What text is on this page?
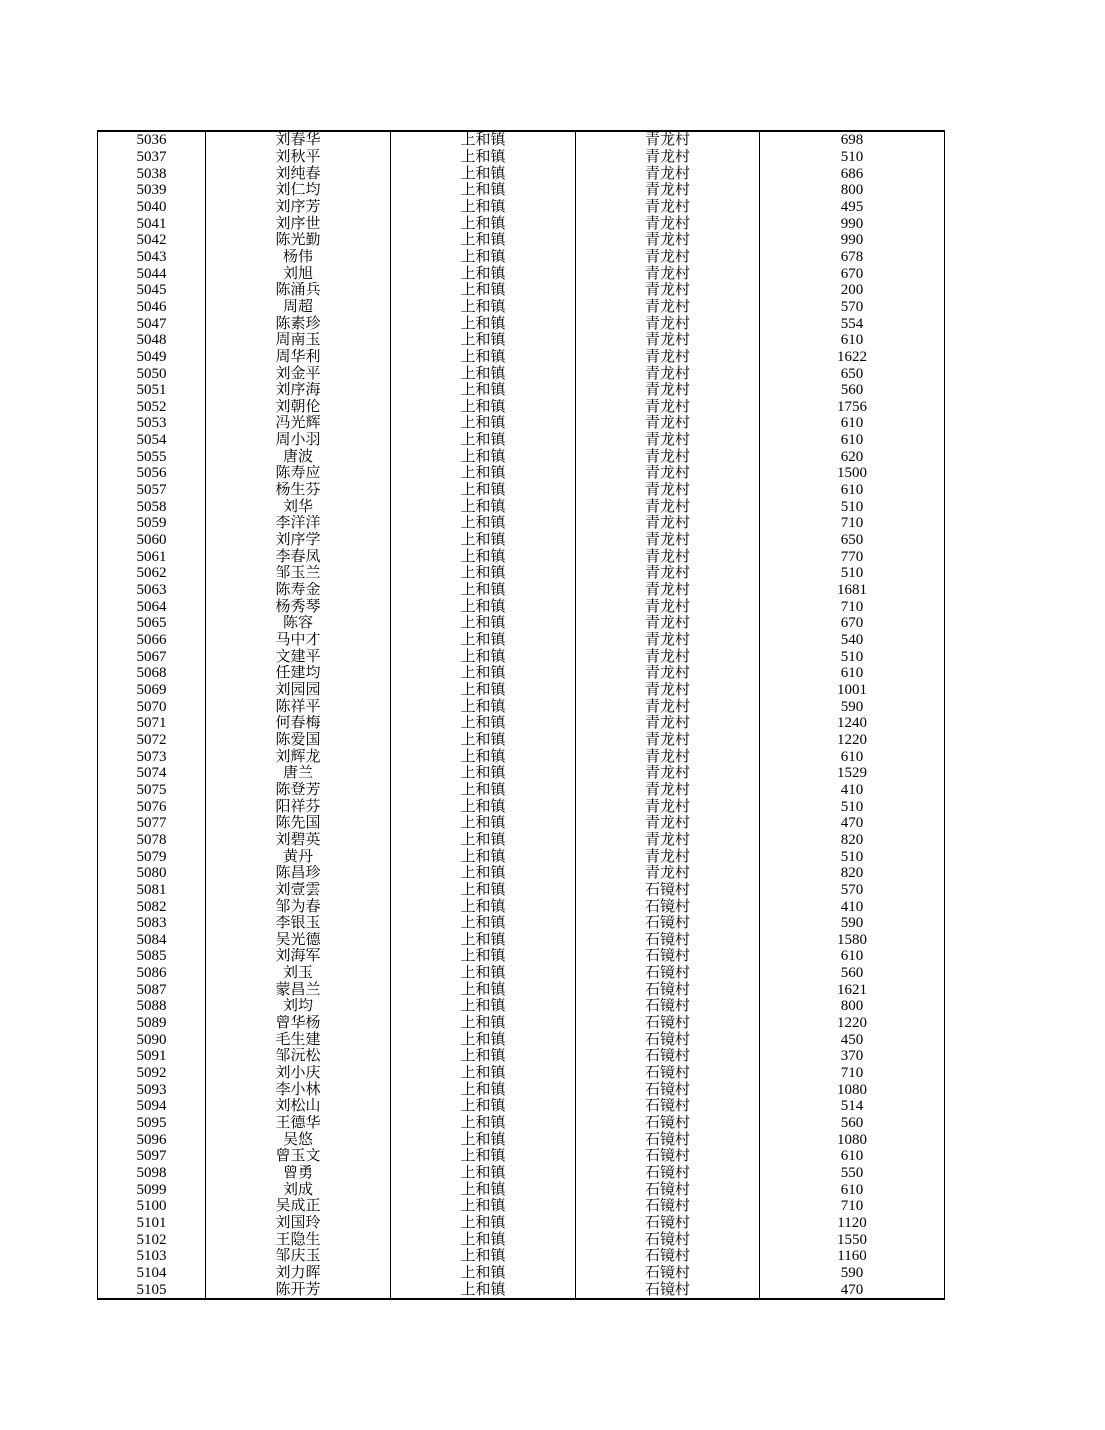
5036	刘春华	上和镇	青龙村	698
5037	刘秋平	上和镇	青龙村	510
5038	刘纯春	上和镇	青龙村	686
5039	刘仁均	上和镇	青龙村	800
5040	刘序芳	上和镇	青龙村	495
5041	刘序世	上和镇	青龙村	990
5042	陈光勤	上和镇	青龙村	990
5043	杨伟	上和镇	青龙村	678
5044	刘旭	上和镇	青龙村	670
5045	陈涌兵	上和镇	青龙村	200
5046	周超	上和镇	青龙村	570
5047	陈素珍	上和镇	青龙村	554
5048	周南玉	上和镇	青龙村	610
5049	周华利	上和镇	青龙村	1622
5050	刘金平	上和镇	青龙村	650
5051	刘序海	上和镇	青龙村	560
5052	刘朝伦	上和镇	青龙村	1756
5053	冯光辉	上和镇	青龙村	610
5054	周小羽	上和镇	青龙村	610
5055	唐波	上和镇	青龙村	620
5056	陈寿应	上和镇	青龙村	1500
5057	杨生芬	上和镇	青龙村	610
5058	刘华	上和镇	青龙村	510
5059	李洋洋	上和镇	青龙村	710
5060	刘序学	上和镇	青龙村	650
5061	李春凤	上和镇	青龙村	770
5062	邹玉兰	上和镇	青龙村	510
5063	陈寿金	上和镇	青龙村	1681
5064	杨秀琴	上和镇	青龙村	710
5065	陈容	上和镇	青龙村	670
5066	马中才	上和镇	青龙村	540
5067	文建平	上和镇	青龙村	510
5068	任建均	上和镇	青龙村	610
5069	刘园园	上和镇	青龙村	1001
5070	陈祥平	上和镇	青龙村	590
5071	何春梅	上和镇	青龙村	1240
5072	陈爱国	上和镇	青龙村	1220
5073	刘辉龙	上和镇	青龙村	610
5074	唐兰	上和镇	青龙村	1529
5075	陈登芳	上和镇	青龙村	410
5076	阳祥芬	上和镇	青龙村	510
5077	陈先国	上和镇	青龙村	470
5078	刘碧英	上和镇	青龙村	820
5079	黄丹	上和镇	青龙村	510
5080	陈昌珍	上和镇	青龙村	820
5081	刘壹雲	上和镇	石镜村	570
5082	邹为春	上和镇	石镜村	410
5083	李银玉	上和镇	石镜村	590
5084	吴光德	上和镇	石镜村	1580
5085	刘海军	上和镇	石镜村	610
5086	刘玉	上和镇	石镜村	560
5087	蒙昌兰	上和镇	石镜村	1621
5088	刘均	上和镇	石镜村	800
5089	曾华杨	上和镇	石镜村	1220
5090	毛生建	上和镇	石镜村	450
5091	邹沅松	上和镇	石镜村	370
5092	刘小庆	上和镇	石镜村	710
5093	李小林	上和镇	石镜村	1080
5094	刘松山	上和镇	石镜村	514
5095	王德华	上和镇	石镜村	560
5096	吴悠	上和镇	石镜村	1080
5097	曾玉文	上和镇	石镜村	610
5098	曾勇	上和镇	石镜村	550
5099	刘成	上和镇	石镜村	610
5100	吴成正	上和镇	石镜村	710
5101	刘国玲	上和镇	石镜村	1120
5102	王隐生	上和镇	石镜村	1550
5103	邹庆玉	上和镇	石镜村	1160
5104	刘力晖	上和镇	石镜村	590
5105	陈开芳	上和镇	石镜村	470
